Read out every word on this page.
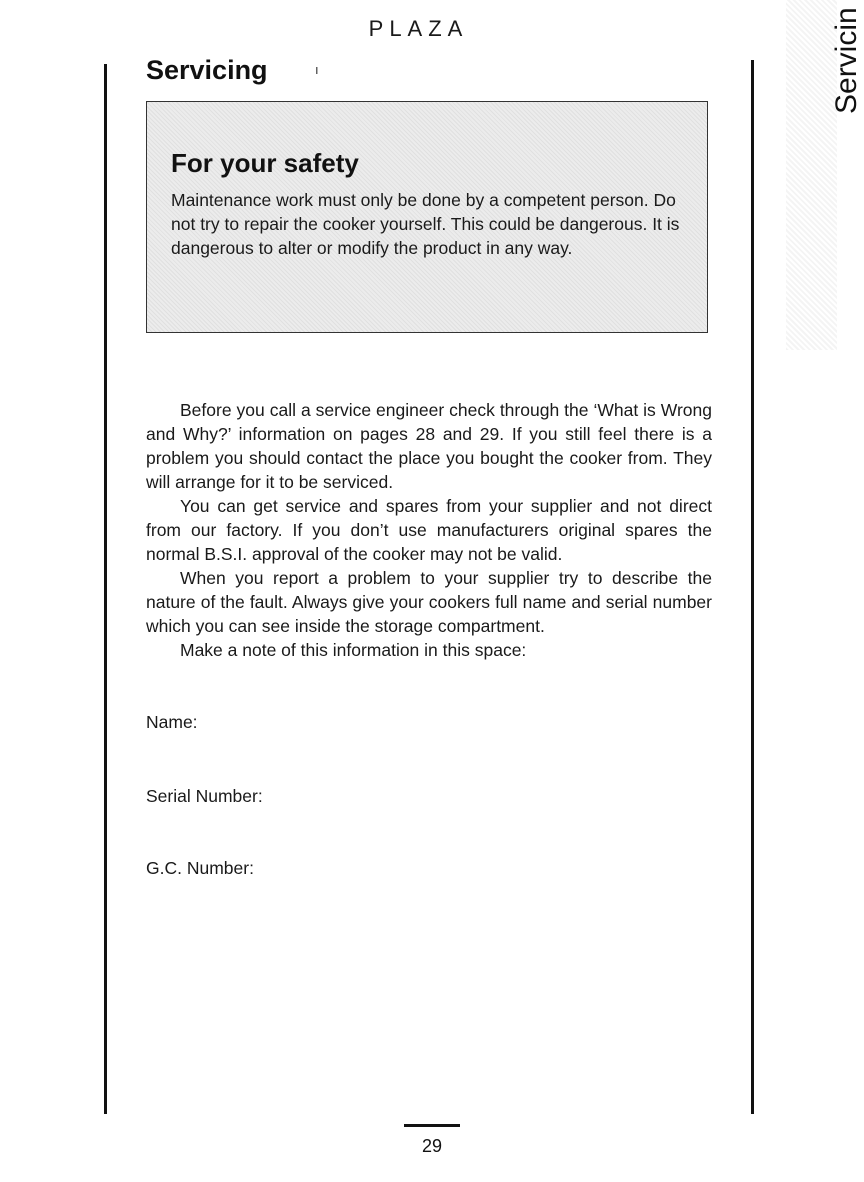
PLAZA
Servicing	ı	Servicin
For your safety
Maintenance work must only be done by a competent person. Do not try to repair the cooker yourself. This could be dangerous. It is dangerous to alter or modify the product in any way.

Before you call a service engineer check through the ‘What is Wrong and Why?’ information on pages 28 and 29. If you still feel there is a problem you should contact the place you bought the cooker from. They will arrange for it to be serviced.

You can get service and spares from your supplier and not direct from our factory. If you don’t use manufacturers original spares the normal B.S.I. approval of the cooker may not be valid.

When you report a problem to your supplier try to describe the nature of the fault. Always give your cookers full name and serial number which you can see inside the storage compartment.

Make a note of this information in this space:

Name:
Serial Number:
G.C. Number:
29
